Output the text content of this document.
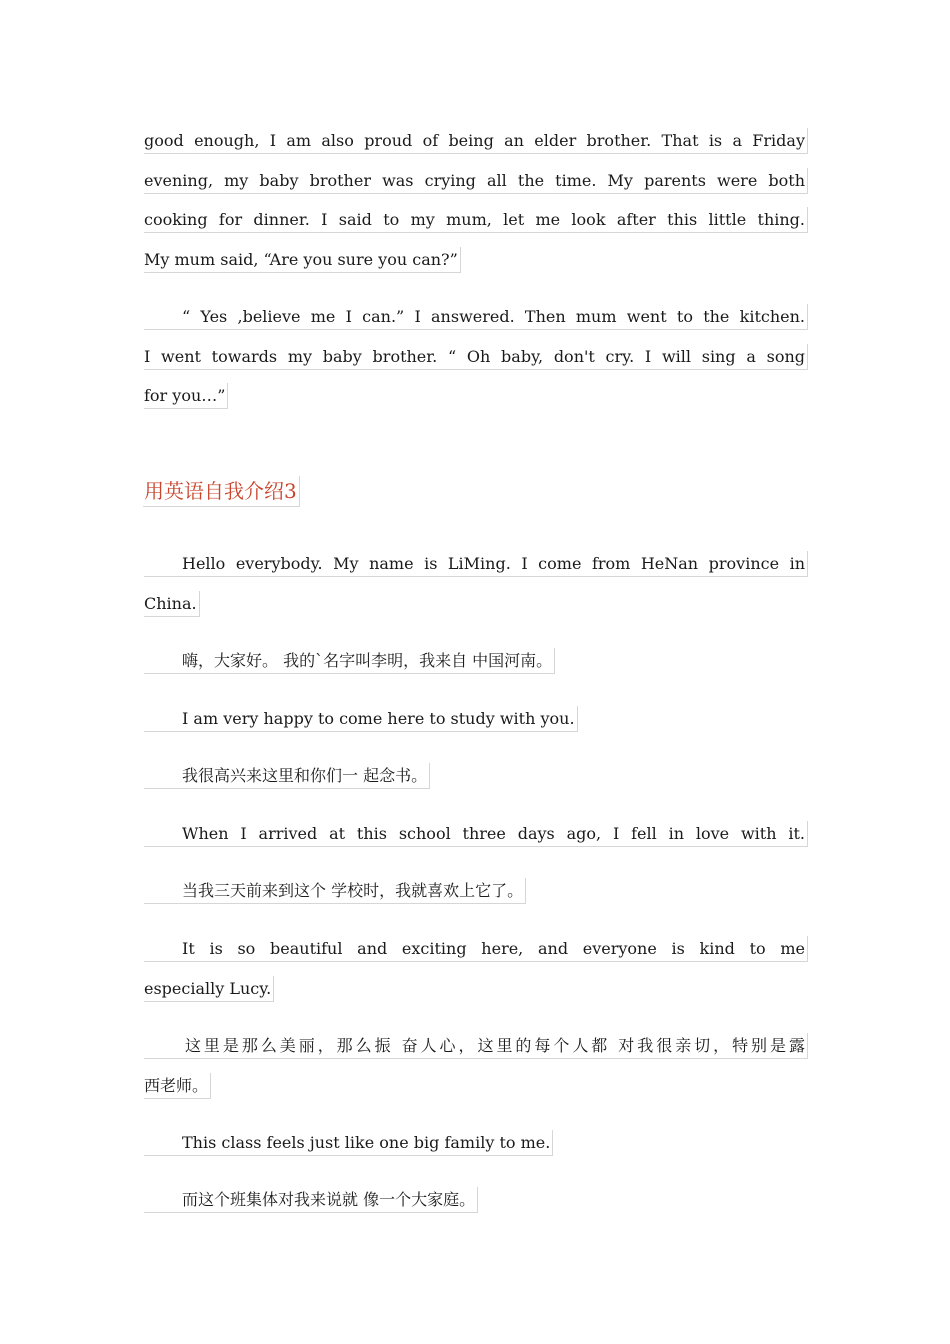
good enough, I am also proud of being an elder brother. That is a Friday
evening, my baby brother was crying all the time. My parents were both
cooking for dinner. I said to my mum, let me look after this little thing.
My mum said, “Are you sure you can?”
“ Yes ,believe me I can.” I answered. Then mum went to the kitchen.
I went towards my baby brother. “ Oh baby, don't cry. I will sing a song
for you…”
用英语自我介绍3
Hello everybody. My name is LiMing. I come from HeNan province in
China.
嗨，大家好。 我的`名字叫李明，我来自 中国河南。
I am very happy to come here to study with you.
我很高兴来这里和你们一 起念书。
When I arrived at this school three days ago, I fell in love with it.
当我三天前来到这个 学校时，我就喜欢上它了。
It is so beautiful and exciting here, and everyone is kind to me
especially Lucy.
这里是那么美丽，那么振 奋人心，这里的每个人都 对我很亲切，特别是露
西老师。
This class feels just like one big family to me.
而这个班集体对我来说就 像一个大家庭。
